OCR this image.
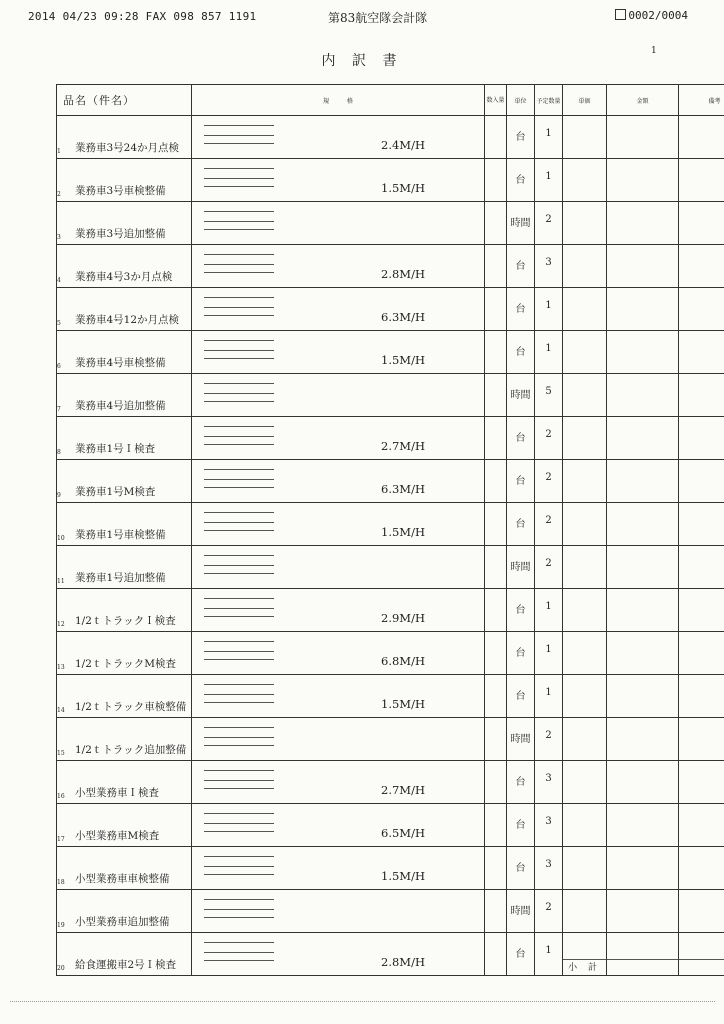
2014 04/23 09:28 FAX 098 857 1191	第83航空隊会計隊	0002/0004
内 訳 書
1
品名（件名）	規　　　格	数入量	単位	予定数量	単価	金額	備考

1 業務車3号24か月点検	2.4M/H		台	1			

2 業務車3号車検整備	1.5M/H		台	1			

3 業務車3号追加整備			時間	2			

4 業務車4号3か月点検	2.8M/H		台	3			

5 業務車4号12か月点検	6.3M/H		台	1			

6 業務車4号車検整備	1.5M/H		台	1			

7 業務車4号追加整備			時間	5			

8 業務車1号Ｉ検査	2.7M/H		台	2			

9 業務車1号M検査	6.3M/H		台	2			

10 業務車1号車検整備	1.5M/H		台	2			

11 業務車1号追加整備			時間	2			

12 1/2ｔトラックＩ検査	2.9M/H		台	1			

13 1/2ｔトラックM検査	6.8M/H		台	1			

14 1/2ｔトラック車検整備	1.5M/H		台	1			

15 1/2ｔトラック追加整備			時間	2			

16 小型業務車Ｉ検査	2.7M/H		台	3			

17 小型業務車M検査	6.5M/H		台	3			

18 小型業務車車検整備	1.5M/H		台	3			

19 小型業務車追加整備			時間	2			

20 給食運搬車2号Ｉ検査	2.8M/H		台	1	小 計		
